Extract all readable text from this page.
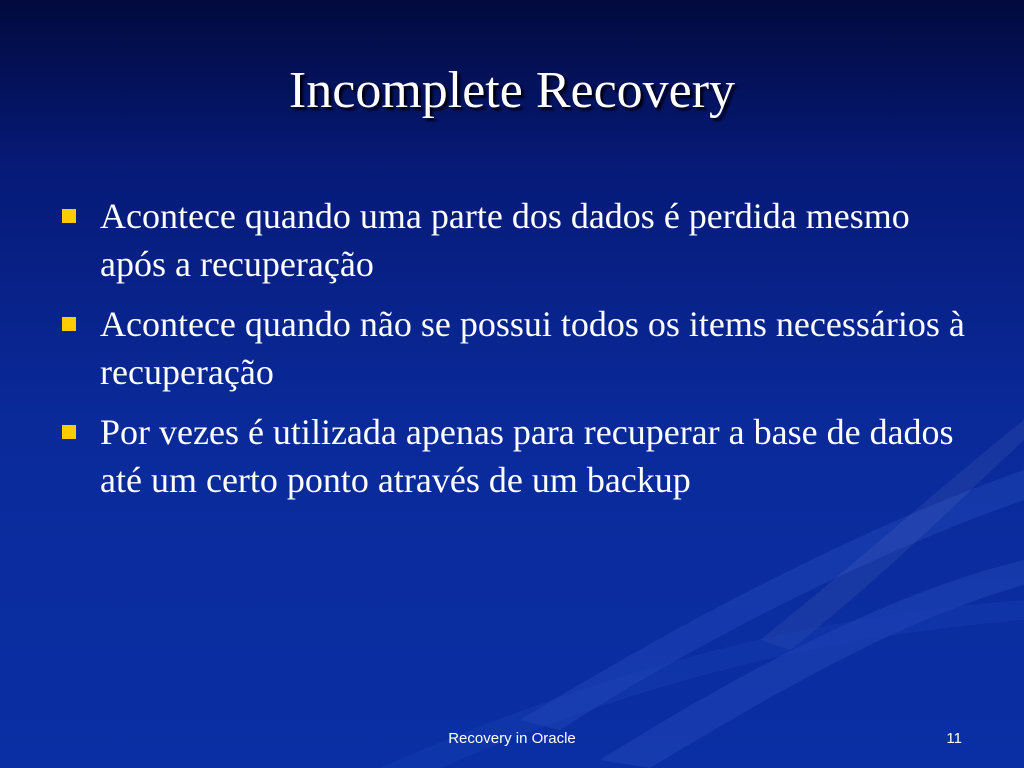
Incomplete Recovery
Acontece quando uma parte dos dados é perdida mesmo após a recuperação
Acontece quando não se possui todos os items necessários à recuperação
Por vezes é utilizada apenas para recuperar a base de dados até um certo ponto através de um backup
Recovery in Oracle	11
